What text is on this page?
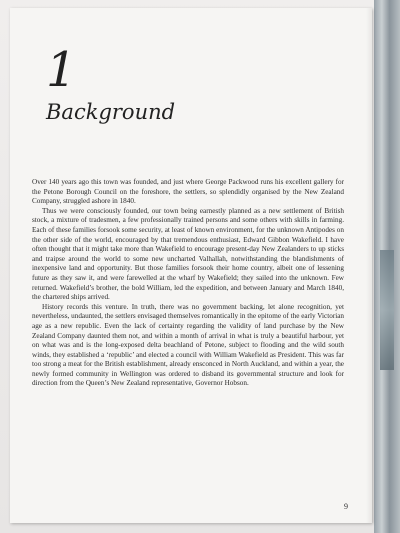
1
Background

Over 140 years ago this town was founded, and just where George Packwood runs his excellent gallery for the Petone Borough Council on the foreshore, the settlers, so splendidly organised by the New Zealand Company, struggled ashore in 1840.

Thus we were consciously founded, our town being earnestly planned as a new settlement of British stock, a mixture of tradesmen, a few professionally trained persons and some others with skills in farming. Each of these families forsook some security, at least of known environment, for the unknown Antipodes on the other side of the world, encouraged by that tremendous enthusiast, Edward Gibbon Wakefield. I have often thought that it might take more than Wakefield to encourage present-day New Zealanders to up sticks and traipse around the world to some new uncharted Valhallah, notwithstanding the blandishments of inexpensive land and opportunity. But those families forsook their home country, albeit one of lessening future as they saw it, and were farewelled at the wharf by Wakefield; they sailed into the unknown. Few returned. Wakefield’s brother, the bold William, led the expedition, and between January and March 1840, the chartered ships arrived.

History records this venture. In truth, there was no government backing, let alone recognition, yet nevertheless, undaunted, the settlers envisaged themselves romantically in the epitome of the early Victorian age as a new republic. Even the lack of certainty regarding the validity of land purchase by the New Zealand Company daunted them not, and within a month of arrival in what is truly a beautiful harbour, yet on what was and is the long-exposed delta beachland of Petone, subject to flooding and the wild south winds, they established a ‘republic’ and elected a council with William Wakefield as President. This was far too strong a meat for the British establishment, already ensconced in North Auckland, and within a year, the newly formed community in Wellington was ordered to disband its governmental structure and look for direction from the Queen’s New Zealand representative, Governor Hobson.

9
